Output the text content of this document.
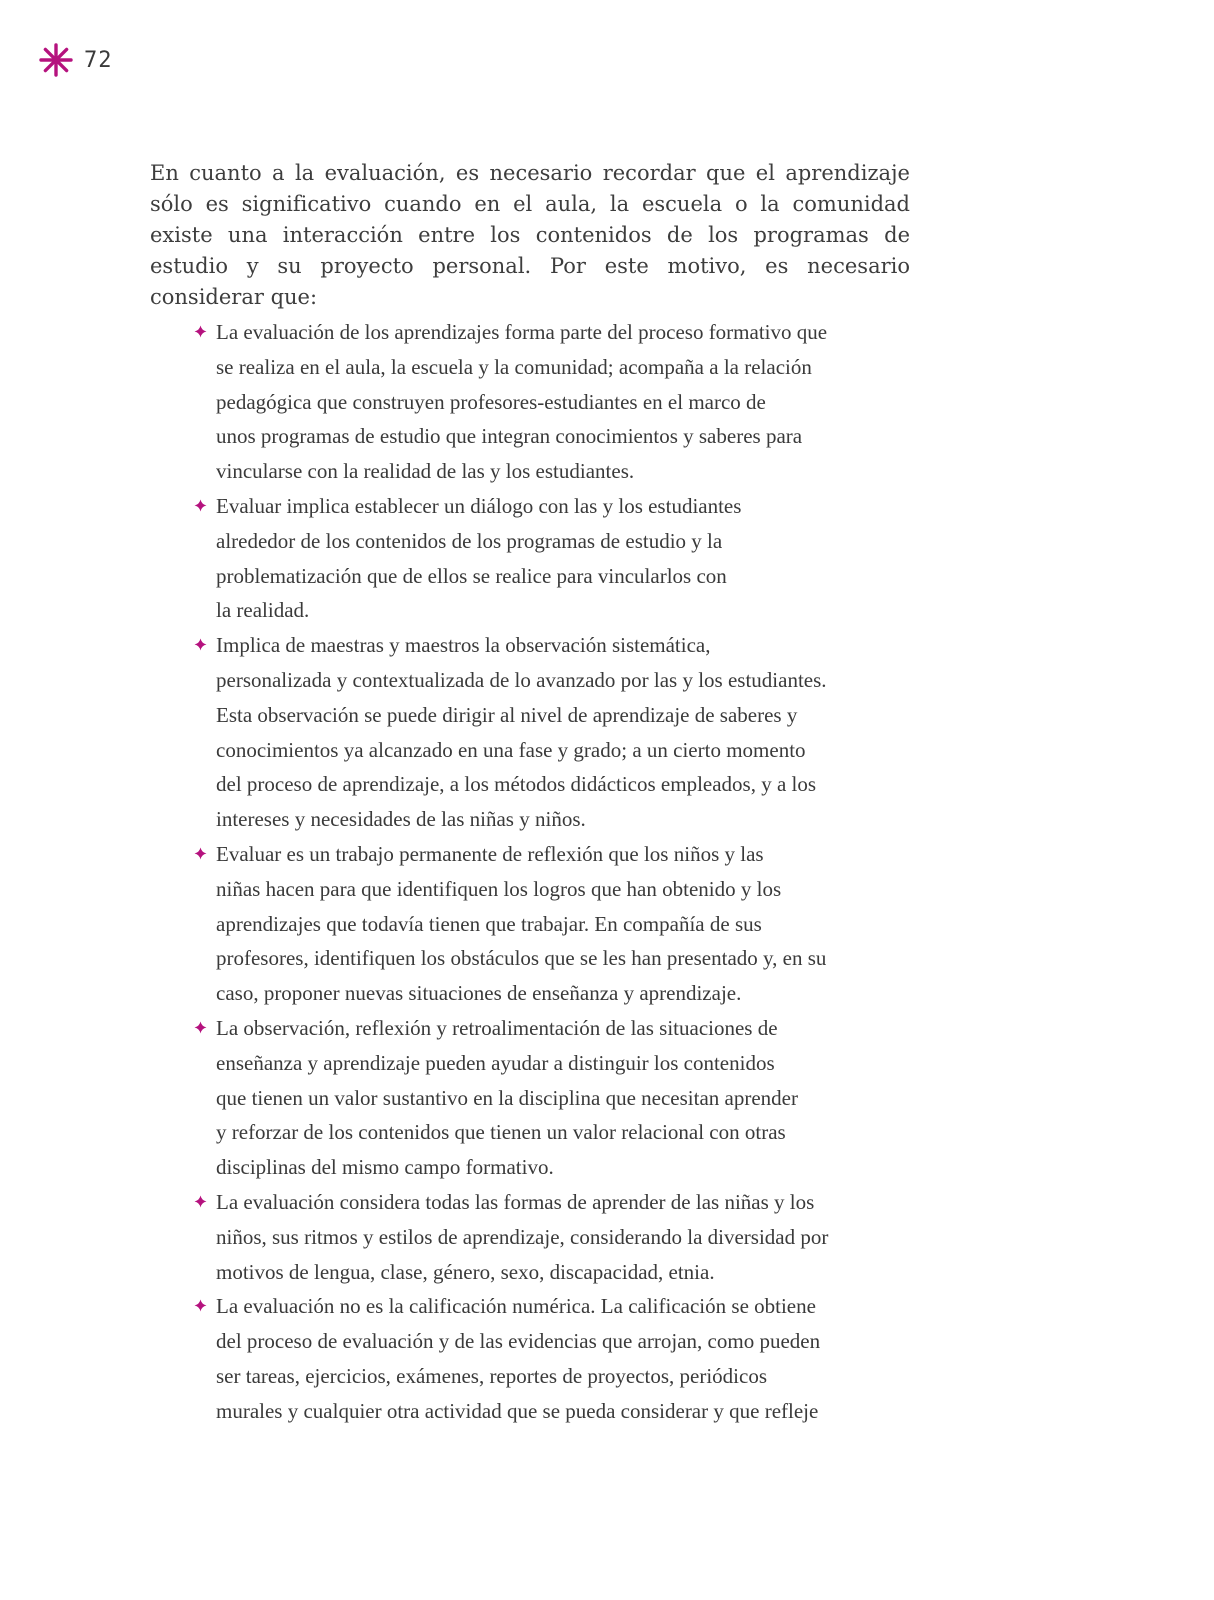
72

En cuanto a la evaluación, es necesario recordar que el aprendizaje sólo es significativo cuando en el aula, la escuela o la comunidad existe una interacción entre los contenidos de los programas de estudio y su proyecto personal. Por este motivo, es necesario considerar que:

La evaluación de los aprendizajes forma parte del proceso formativo que
se realiza en el aula, la escuela y la comunidad; acompaña a la relación
pedagógica que construyen profesores-estudiantes en el marco de
unos programas de estudio que integran conocimientos y saberes para
vincularse con la realidad de las y los estudiantes.
Evaluar implica establecer un diálogo con las y los estudiantes
alrededor de los contenidos de los programas de estudio y la
problematización que de ellos se realice para vincularlos con
la realidad.
Implica de maestras y maestros la observación sistemática,
personalizada y contextualizada de lo avanzado por las y los estudiantes.
Esta observación se puede dirigir al nivel de aprendizaje de saberes y
conocimientos ya alcanzado en una fase y grado; a un cierto momento
del proceso de aprendizaje, a los métodos didácticos empleados, y a los
intereses y necesidades de las niñas y niños.
Evaluar es un trabajo permanente de reflexión que los niños y las
niñas hacen para que identifiquen los logros que han obtenido y los
aprendizajes que todavía tienen que trabajar. En compañía de sus
profesores, identifiquen los obstáculos que se les han presentado y, en su
caso, proponer nuevas situaciones de enseñanza y aprendizaje.
La observación, reflexión y retroalimentación de las situaciones de
enseñanza y aprendizaje pueden ayudar a distinguir los contenidos
que tienen un valor sustantivo en la disciplina que necesitan aprender
y reforzar de los contenidos que tienen un valor relacional con otras
disciplinas del mismo campo formativo.
La evaluación considera todas las formas de aprender de las niñas y los
niños, sus ritmos y estilos de aprendizaje, considerando la diversidad por
motivos de lengua, clase, género, sexo, discapacidad, etnia.
La evaluación no es la calificación numérica. La calificación se obtiene
del proceso de evaluación y de las evidencias que arrojan, como pueden
ser tareas, ejercicios, exámenes, reportes de proyectos, periódicos
murales y cualquier otra actividad que se pueda considerar y que refleje
